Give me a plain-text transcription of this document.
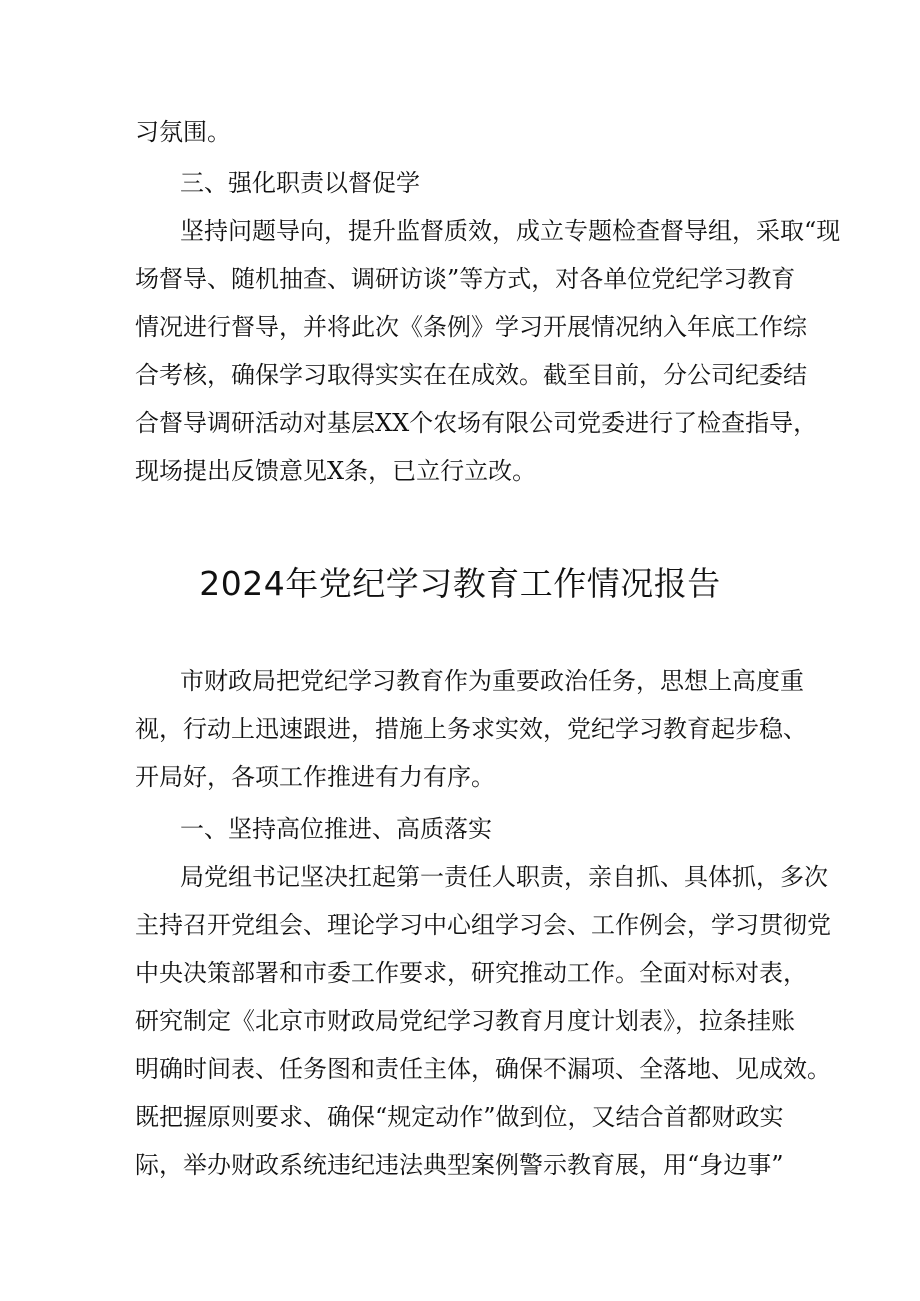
习氛围。
三、强化职责以督促学
坚持问题导向，提升监督质效，成立专题检查督导组，采取“现
场督导、随机抽查、调研访谈”等方式，对各单位党纪学习教育
情况进行督导，并将此次《条例》学习开展情况纳入年底工作综
合考核，确保学习取得实实在在成效。截至目前，分公司纪委结
合督导调研活动对基层XX个农场有限公司党委进行了检查指导，
现场提出反馈意见X条，已立行立改。
2024年党纪学习教育工作情况报告
市财政局把党纪学习教育作为重要政治任务，思想上高度重
视，行动上迅速跟进，措施上务求实效，党纪学习教育起步稳、
开局好，各项工作推进有力有序。
一、坚持高位推进、高质落实
局党组书记坚决扛起第一责任人职责，亲自抓、具体抓，多次
主持召开党组会、理论学习中心组学习会、工作例会，学习贯彻党
中央决策部署和市委工作要求，研究推动工作。全面对标对表，
研究制定《北京市财政局党纪学习教育月度计划表》，拉条挂账
明确时间表、任务图和责任主体，确保不漏项、全落地、见成效。
既把握原则要求、确保“规定动作”做到位，又结合首都财政实
际，举办财政系统违纪违法典型案例警示教育展，用“身边事”
